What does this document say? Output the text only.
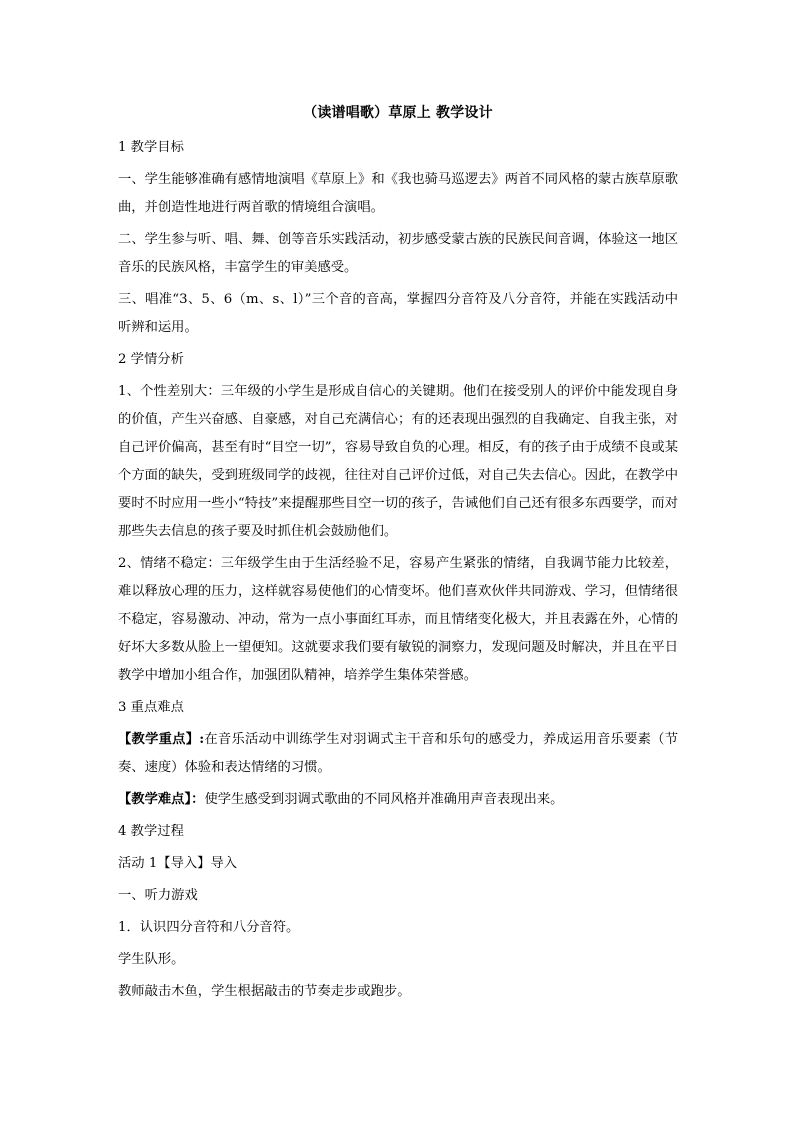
（读谱唱歌）草原上 教学设计

1 教学目标

一、学生能够准确有感情地演唱《草原上》和《我也骑马巡逻去》两首不同风格的蒙古族草原歌曲，并创造性地进行两首歌的情境组合演唱。

二、学生参与听、唱、舞、创等音乐实践活动，初步感受蒙古族的民族民间音调，体验这一地区音乐的民族风格，丰富学生的审美感受。

三、唱准“3、5、6（m、s、l）”三个音的音高，掌握四分音符及八分音符，并能在实践活动中听辨和运用。

2 学情分析

1、个性差别大：三年级的小学生是形成自信心的关键期。他们在接受别人的评价中能发现自身的价值，产生兴奋感、自豪感，对自己充满信心；有的还表现出强烈的自我确定、自我主张，对自己评价偏高，甚至有时“目空一切”，容易导致自负的心理。相反，有的孩子由于成绩不良或某个方面的缺失，受到班级同学的歧视，往往对自己评价过低，对自己失去信心。因此，在教学中要时不时应用一些小“特技”来提醒那些目空一切的孩子，告诫他们自己还有很多东西要学，而对那些失去信息的孩子要及时抓住机会鼓励他们。

2、情绪不稳定：三年级学生由于生活经验不足，容易产生紧张的情绪，自我调节能力比较差，难以释放心理的压力，这样就容易使他们的心情变坏。他们喜欢伙伴共同游戏、学习，但情绪很不稳定，容易激动、冲动，常为一点小事面红耳赤，而且情绪变化极大，并且表露在外，心情的好坏大多数从脸上一望便知。这就要求我们要有敏锐的洞察力，发现问题及时解决，并且在平日教学中增加小组合作，加强团队精神，培养学生集体荣誉感。

3 重点难点

【教学重点】:在音乐活动中训练学生对羽调式主干音和乐句的感受力，养成运用音乐要素（节奏、速度）体验和表达情绪的习惯。

【教学难点】：使学生感受到羽调式歌曲的不同风格并准确用声音表现出来。

4 教学过程

活动 1【导入】导入

一、听力游戏

1．认识四分音符和八分音符。

学生队形。

教师敲击木鱼，学生根据敲击的节奏走步或跑步。
